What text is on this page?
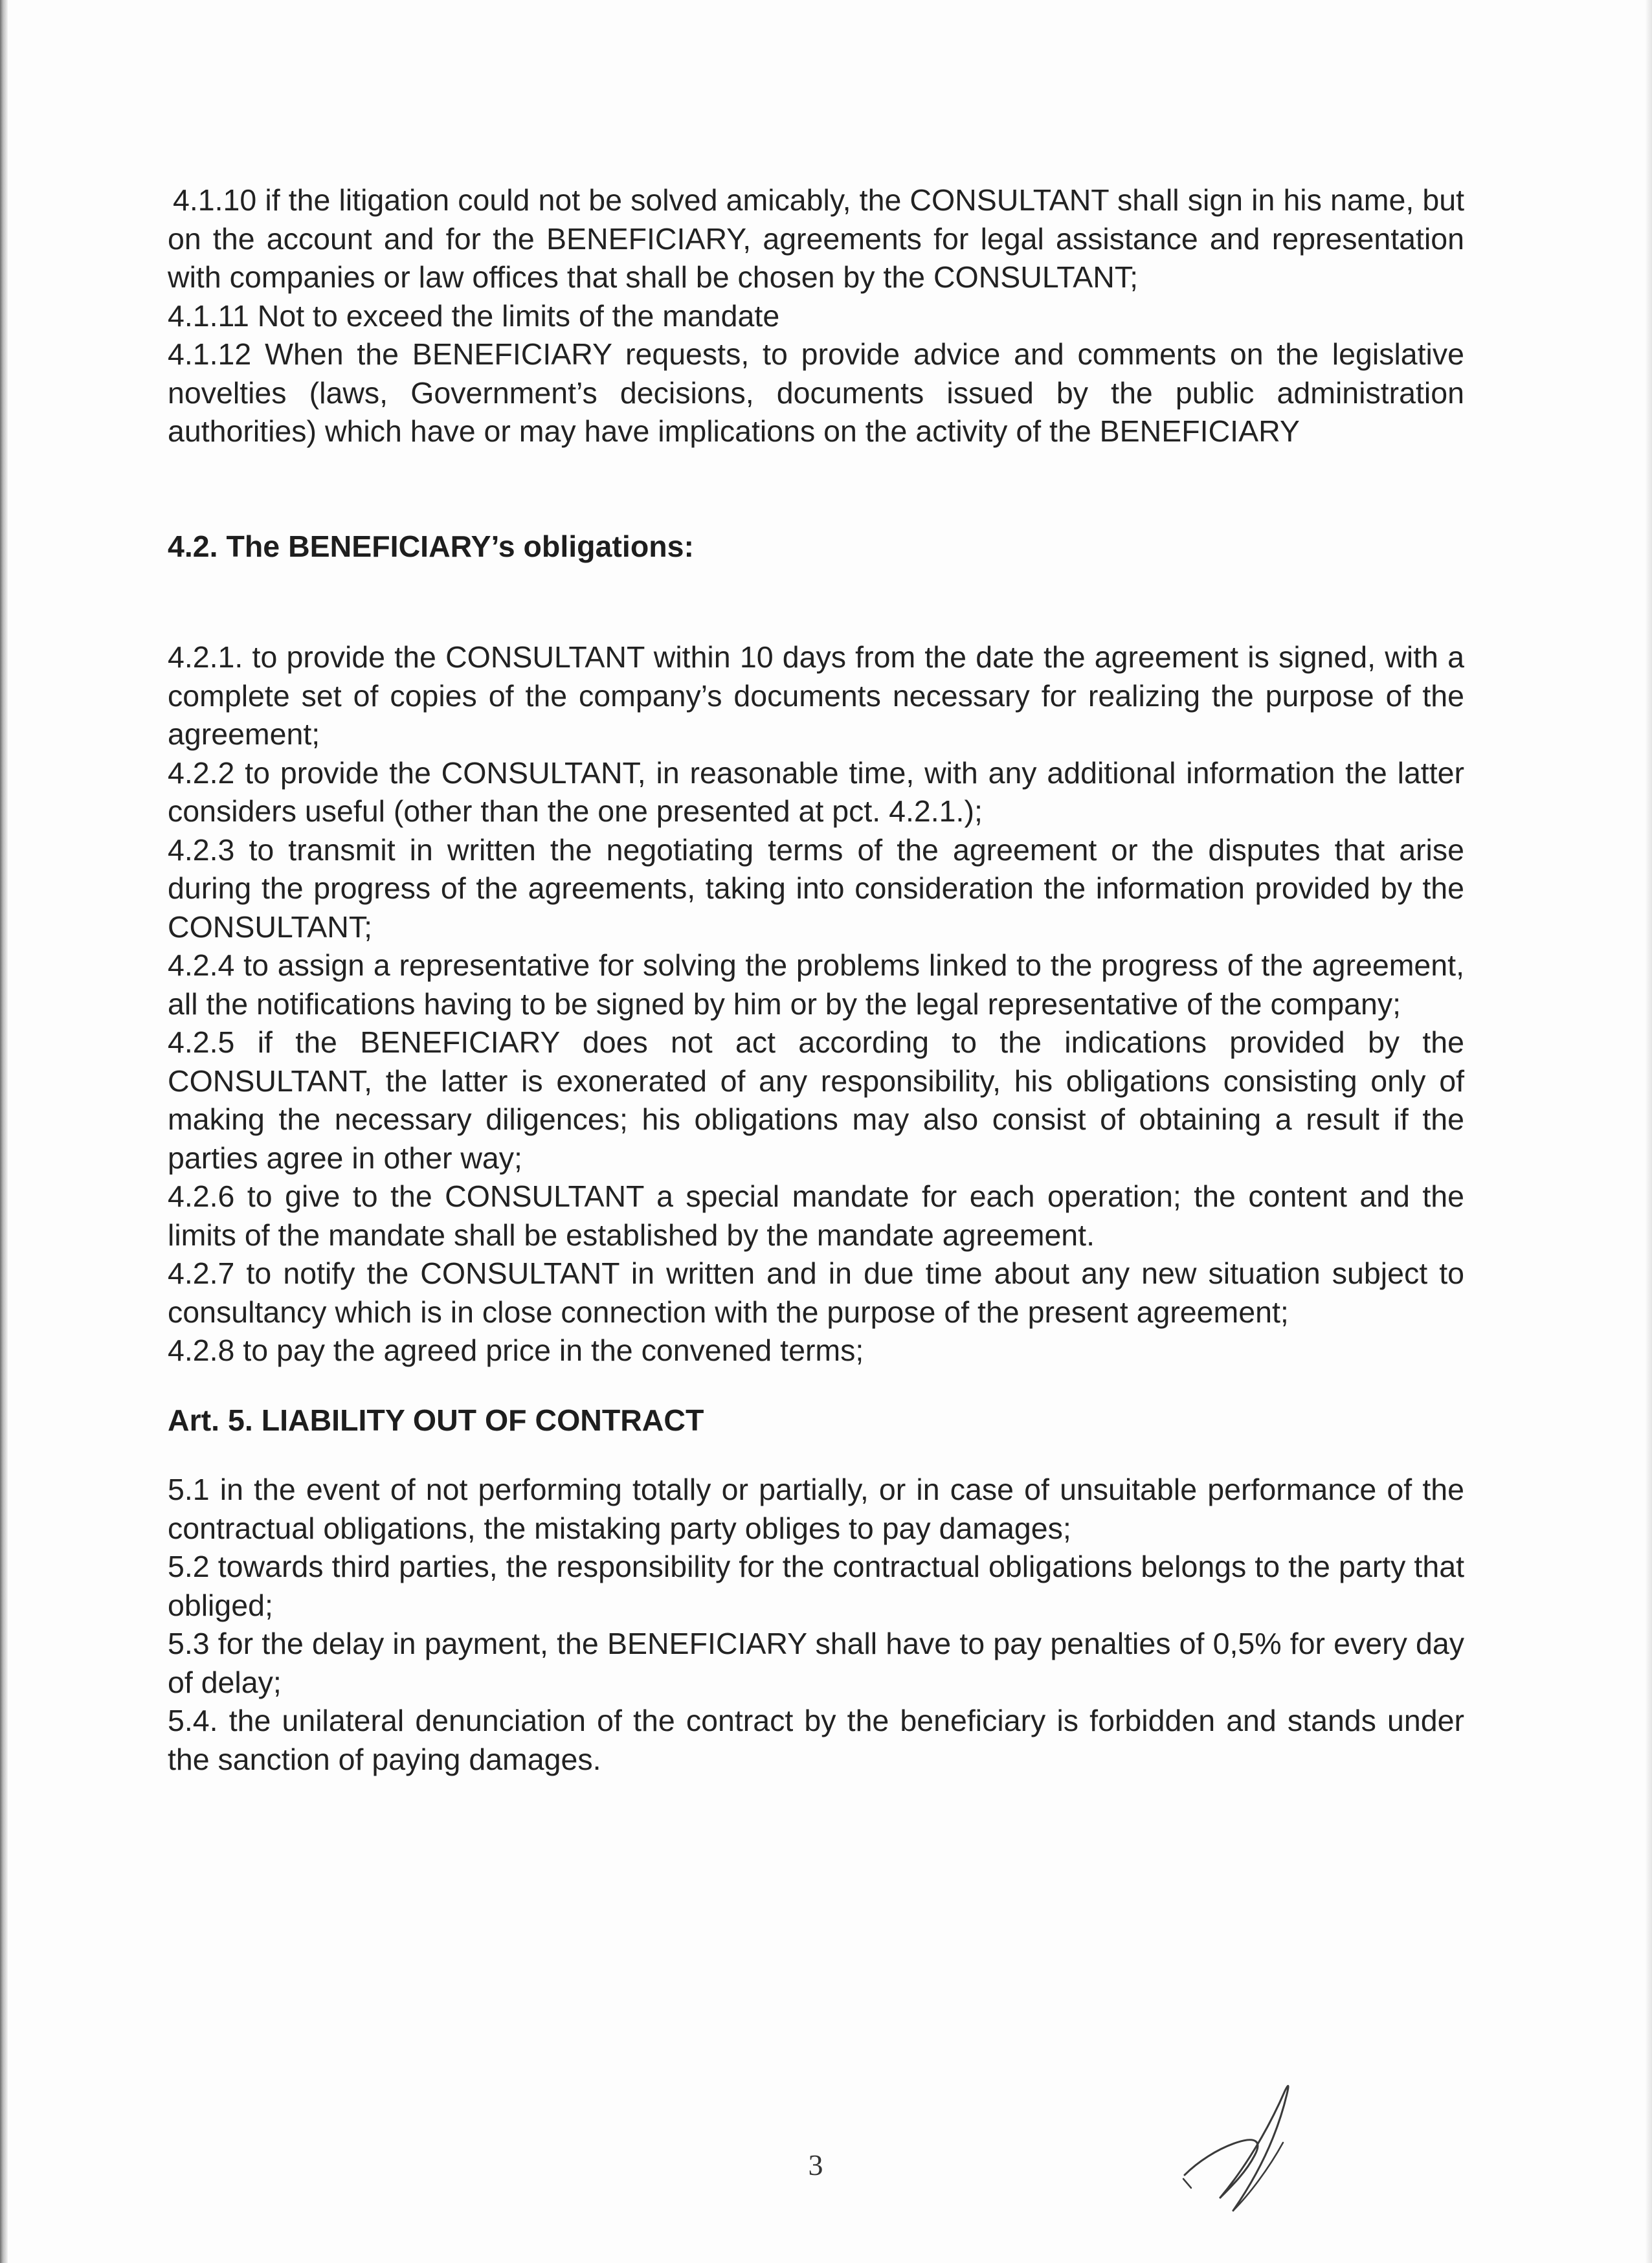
4.1.10 if the litigation could not be solved amicably, the CONSULTANT shall sign in his name, but on the account and for the BENEFICIARY, agreements for legal assistance and representation with companies or law offices that shall be chosen by the CONSULTANT;

4.1.11 Not to exceed the limits of the mandate

4.1.12 When the BENEFICIARY requests, to provide advice and comments on the legislative novelties (laws, Government’s decisions, documents issued by the public administration authorities) which have or may have implications on the activity of the BENEFICIARY

4.2. The BENEFICIARY’s obligations:

4.2.1. to provide the CONSULTANT within 10 days from the date the agreement is signed, with a complete set of copies of the company’s documents necessary for realizing the purpose of the agreement;

4.2.2 to provide the CONSULTANT, in reasonable time, with any additional information the latter considers useful (other than the one presented at pct. 4.2.1.);

4.2.3 to transmit in written the negotiating terms of the agreement or the disputes that arise during the progress of the agreements, taking into consideration the information provided by the CONSULTANT;

4.2.4 to assign a representative for solving the problems linked to the progress of the agreement, all the notifications having to be signed by him or by the legal representative of the company;

4.2.5 if the BENEFICIARY does not act according to the indications provided by the CONSULTANT, the latter is exonerated of any responsibility, his obligations consisting only of making the necessary diligences; his obligations may also consist of obtaining a result if the parties agree in other way;

4.2.6 to give to the CONSULTANT a special mandate for each operation; the content and the limits of the mandate shall be established by the mandate agreement.

4.2.7 to notify the CONSULTANT in written and in due time about any new situation subject to consultancy which is in close connection with the purpose of the present agreement;

4.2.8 to pay the agreed price in the convened terms;

Art. 5. LIABILITY OUT OF CONTRACT

5.1 in the event of not performing totally or partially, or in case of unsuitable performance of the contractual obligations, the mistaking party obliges to pay damages;

5.2 towards third parties, the responsibility for the contractual obligations belongs to the party that obliged;

5.3 for the delay in payment, the BENEFICIARY shall have to pay penalties of 0,5% for every day of delay;

5.4. the unilateral denunciation of the contract by the beneficiary is forbidden and stands under the sanction of paying damages.

3
